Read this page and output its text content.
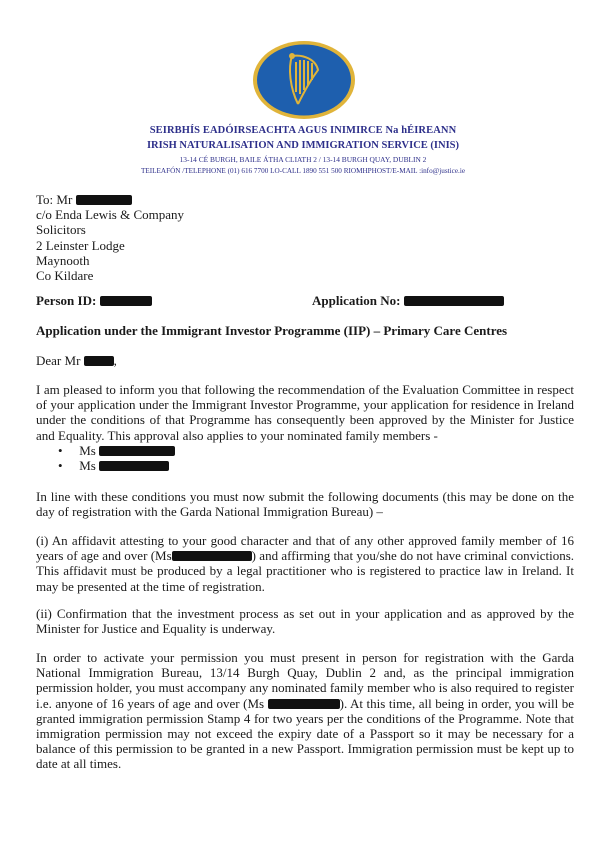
SEIRBHÍS EADÓIRSEACHTA AGUS INIMIRCE Na hÉIREANN
IRISH NATURALISATION AND IMMIGRATION SERVICE (INIS)
13-14 CÉ BURGH, BAILE ÁTHA CLIATH 2 / 13-14 BURGH QUAY, DUBLIN 2
TEILEAFÓN /TELEPHONE (01) 616 7700 LO-CALL 1890 551 500 RIOMHPHOST/E-MAIL :info@justice.ie
To: Mr
c/o Enda Lewis & Company
Solicitors
2 Leinster Lodge
Maynooth
Co Kildare
Person ID:	Application No:
Application under the Immigrant Investor Programme (IIP) – Primary Care Centres
Dear Mr	,
I am pleased to inform you that following the recommendation of the Evaluation Committee in respect of your application under the Immigrant Investor Programme, your application for residence in Ireland under the conditions of that Programme has consequently been approved by the Minister for Justice and Equality. This approval also applies to your nominated family members -
• Ms
• Ms
In line with these conditions you must now submit the following documents (this may be done on the day of registration with the Garda National Immigration Bureau) –
(i) An affidavit attesting to your good character and that of any other approved family member of 16 years of age and over (Ms	) and affirming that you/she do not have criminal convictions. This affidavit must be produced by a legal practitioner who is registered to practice law in Ireland. It may be presented at the time of registration.
(ii) Confirmation that the investment process as set out in your application and as approved by the Minister for Justice and Equality is underway.
In order to activate your permission you must present in person for registration with the Garda National Immigration Bureau, 13/14 Burgh Quay, Dublin 2 and, as the principal immigration permission holder, you must accompany any nominated family member who is also required to register i.e. anyone of 16 years of age and over (Ms	). At this time, all being in order, you will be granted immigration permission Stamp 4 for two years per the conditions of the Programme. Note that immigration permission may not exceed the expiry date of a Passport so it may be necessary for a balance of this permission to be granted in a new Passport. Immigration permission must be kept up to date at all times.
